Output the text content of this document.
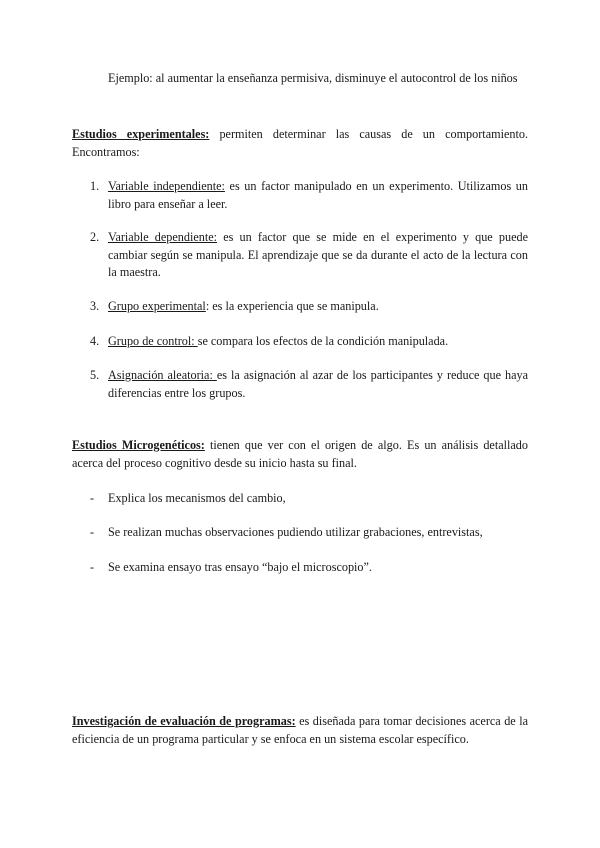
Ejemplo: al aumentar la enseñanza permisiva, disminuye el autocontrol de los niños

Estudios experimentales: permiten determinar las causas de un comportamiento. Encontramos:

1. Variable independiente: es un factor manipulado en un experimento. Utilizamos un libro para enseñar a leer.
2. Variable dependiente: es un factor que se mide en el experimento y que puede cambiar según se manipula. El aprendizaje que se da durante el acto de la lectura con la maestra.
3. Grupo experimental: es la experiencia que se manipula.
4. Grupo de control: se compara los efectos de la condición manipulada.
5. Asignación aleatoria: es la asignación al azar de los participantes y reduce que haya diferencias entre los grupos.

Estudios Microgenéticos: tienen que ver con el origen de algo. Es un análisis detallado acerca del proceso cognitivo desde su inicio hasta su final.

-	Explica los mecanismos del cambio,
-	Se realizan muchas observaciones pudiendo utilizar grabaciones, entrevistas,
-	Se examina ensayo tras ensayo “bajo el microscopio”.

Investigación de evaluación de programas: es diseñada para tomar decisiones acerca de la eficiencia de un programa particular y se enfoca en un sistema escolar específico.
